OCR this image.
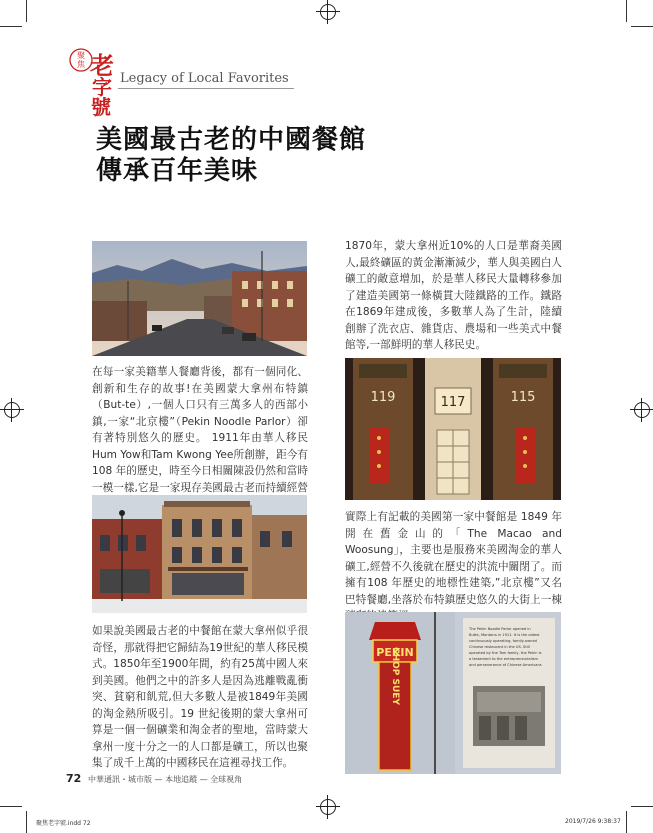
聚
焦 老
字
號
Legacy of Local Favorites
美國最古老的中國餐館
傳承百年美味
在每一家美籍華人餐廳背後，都有一個同化、創新和生存的故事!在美國蒙大拿州布特鎮（But-te）,一個人口只有三萬多人的西部小鎮,一家“北京樓”（Pekin Noodle Parlor）卻有著特別悠久的歷史。 1911年由華人移民Hum Yow和Tam Kwong Yee所創辦，距今有 108 年的歷史，時至今日相關陳設仍然和當時一模一樣,它是一家現存美國最古老而持續經營
如果說美國最古老的中餐館在蒙大拿州似乎很奇怪，那就得把它歸結為19世紀的華人移民模式。1850年至1900年間，約有25萬中國人來到美國。他們之中的許多人是因為逃離戰亂衝突、貧窮和飢荒,但大多數人是被1849年美國的淘金熱所吸引。19 世紀後期的蒙大拿州可算是一個一個礦業和淘金者的聖地，當時蒙大拿州一度十分之一的人口都是礦工，所以也聚集了成千上萬的中國移民在這裡尋找工作。
1870年，蒙大拿州近10%的人口是華裔美國人,最終礦區的黃金漸漸減少，華人與美國白人礦工的敵意增加，於是華人移民大量轉移參加了建造美國第一條橫貫大陸鐵路的工作。鐵路在1869年建成後，多數華人為了生計，陸續創辦了洗衣店、雜貨店、農場和一些美式中餐館等,一部鮮明的華人移民史。
119	117	115
實際上有記載的美國第一家中餐館是 1849 年開在舊金山的「The Macao and Woosung」，主要也是服務來美國淘金的華人礦工,經營不久後就在歷史的洪流中關閉了。而擁有108 年歷史的地標性建築,”北京樓”又名巴特餐廳,坐落於布特鎮歷史悠久的大街上一棟
PEKIN
CHOP SUEY
The Pekin Noodle Parlor opened in
Butte, Montana in 1911. It is the oldest
continuously operating, family-owned
Chinese restaurant in the US. Still
operated by the Tam family, the Pekin is
a testament to the entrepreneurialism
and perseverance of Chinese Americans
72 中華通訊・城市版 — 本地追蹤 — 全球視角
聚焦老字號.indd 72	2019/7/26 9:38:37
